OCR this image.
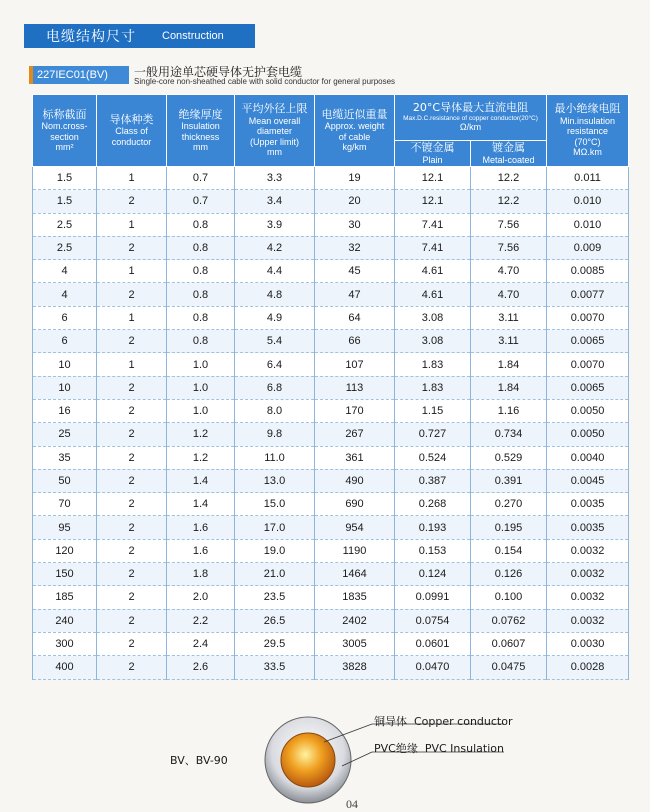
电缆结构尺寸 Construction
227IEC01(BV)	一般用途单芯硬导体无护套电缆
Single-core non-sheathed cable with solid conductor for general purposes
标称截面
Nom.cross-
section
mm²	导体种类
Class of
conductor	绝缘厚度
Insulation
thickness
mm	平均外径上限
Mean overall
diameter
(Upper limit)
mm	电缆近似重量
Approx. weight
of cable
kg/km	20°C导体最大直流电阻
Max.D.C.resistance of copper conductor(20°C)
Ω/km		最小绝缘电阻
Min.insulation
resistance
(70°C)
MΩ.km

					不镀金属
Plain	镀金属
Metal-coated	

1.5	1	0.7	3.3	19	12.1	12.2	0.011
1.5	2	0.7	3.4	20	12.1	12.2	0.010
2.5	1	0.8	3.9	30	7.41	7.56	0.010
2.5	2	0.8	4.2	32	7.41	7.56	0.009
4	1	0.8	4.4	45	4.61	4.70	0.0085
4	2	0.8	4.8	47	4.61	4.70	0.0077
6	1	0.8	4.9	64	3.08	3.11	0.0070
6	2	0.8	5.4	66	3.08	3.11	0.0065
10	1	1.0	6.4	107	1.83	1.84	0.0070
10	2	1.0	6.8	113	1.83	1.84	0.0065
16	2	1.0	8.0	170	1.15	1.16	0.0050
25	2	1.2	9.8	267	0.727	0.734	0.0050
35	2	1.2	11.0	361	0.524	0.529	0.0040
50	2	1.4	13.0	490	0.387	0.391	0.0045
70	2	1.4	15.0	690	0.268	0.270	0.0035
95	2	1.6	17.0	954	0.193	0.195	0.0035
120	2	1.6	19.0	1190	0.153	0.154	0.0032
150	2	1.8	21.0	1464	0.124	0.126	0.0032
185	2	2.0	23.5	1835	0.0991	0.100	0.0032
240	2	2.2	26.5	2402	0.0754	0.0762	0.0032
300	2	2.4	29.5	3005	0.0601	0.0607	0.0030
400	2	2.6	33.5	3828	0.0470	0.0475	0.0028
BV、BV-90
铜导体 Copper conductor
PVC绝缘 PVC Insulation
04
